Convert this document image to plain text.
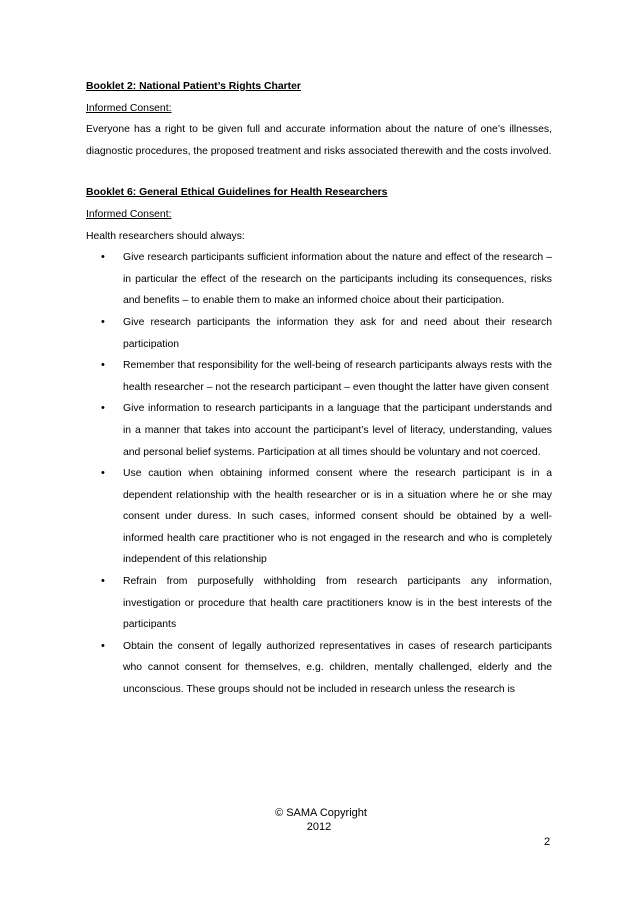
Booklet 2: National Patient’s Rights Charter

Informed Consent:

Everyone has a right to be given full and accurate information about the nature of one’s illnesses, diagnostic procedures, the proposed treatment and risks associated therewith and the costs involved.

Booklet 6: General Ethical Guidelines for Health Researchers

Informed Consent:

Health researchers should always:

• Give research participants sufficient information about the nature and effect of the research – in particular the effect of the research on the participants including its consequences, risks and benefits – to enable them to make an informed choice about their participation.
• Give research participants the information they ask for and need about their research participation
• Remember that responsibility for the well-being of research participants always rests with the health researcher – not the research participant – even thought the latter have given consent
• Give information to research participants in a language that the participant understands and in a manner that takes into account the participant’s level of literacy, understanding, values and personal belief systems. Participation at all times should be voluntary and not coerced.
• Use caution when obtaining informed consent where the research participant is in a dependent relationship with the health researcher or is in a situation where he or she may consent under duress. In such cases, informed consent should be obtained by a well-informed health care practitioner who is not engaged in the research and who is completely independent of this relationship
• Refrain from purposefully withholding from research participants any information, investigation or procedure that health care practitioners know is in the best interests of the participants
• Obtain the consent of legally authorized representatives in cases of research participants who cannot consent for themselves, e.g. children, mentally challenged, elderly and the unconscious. These groups should not be included in research unless the research is
© SAMA Copyright
2012
2
